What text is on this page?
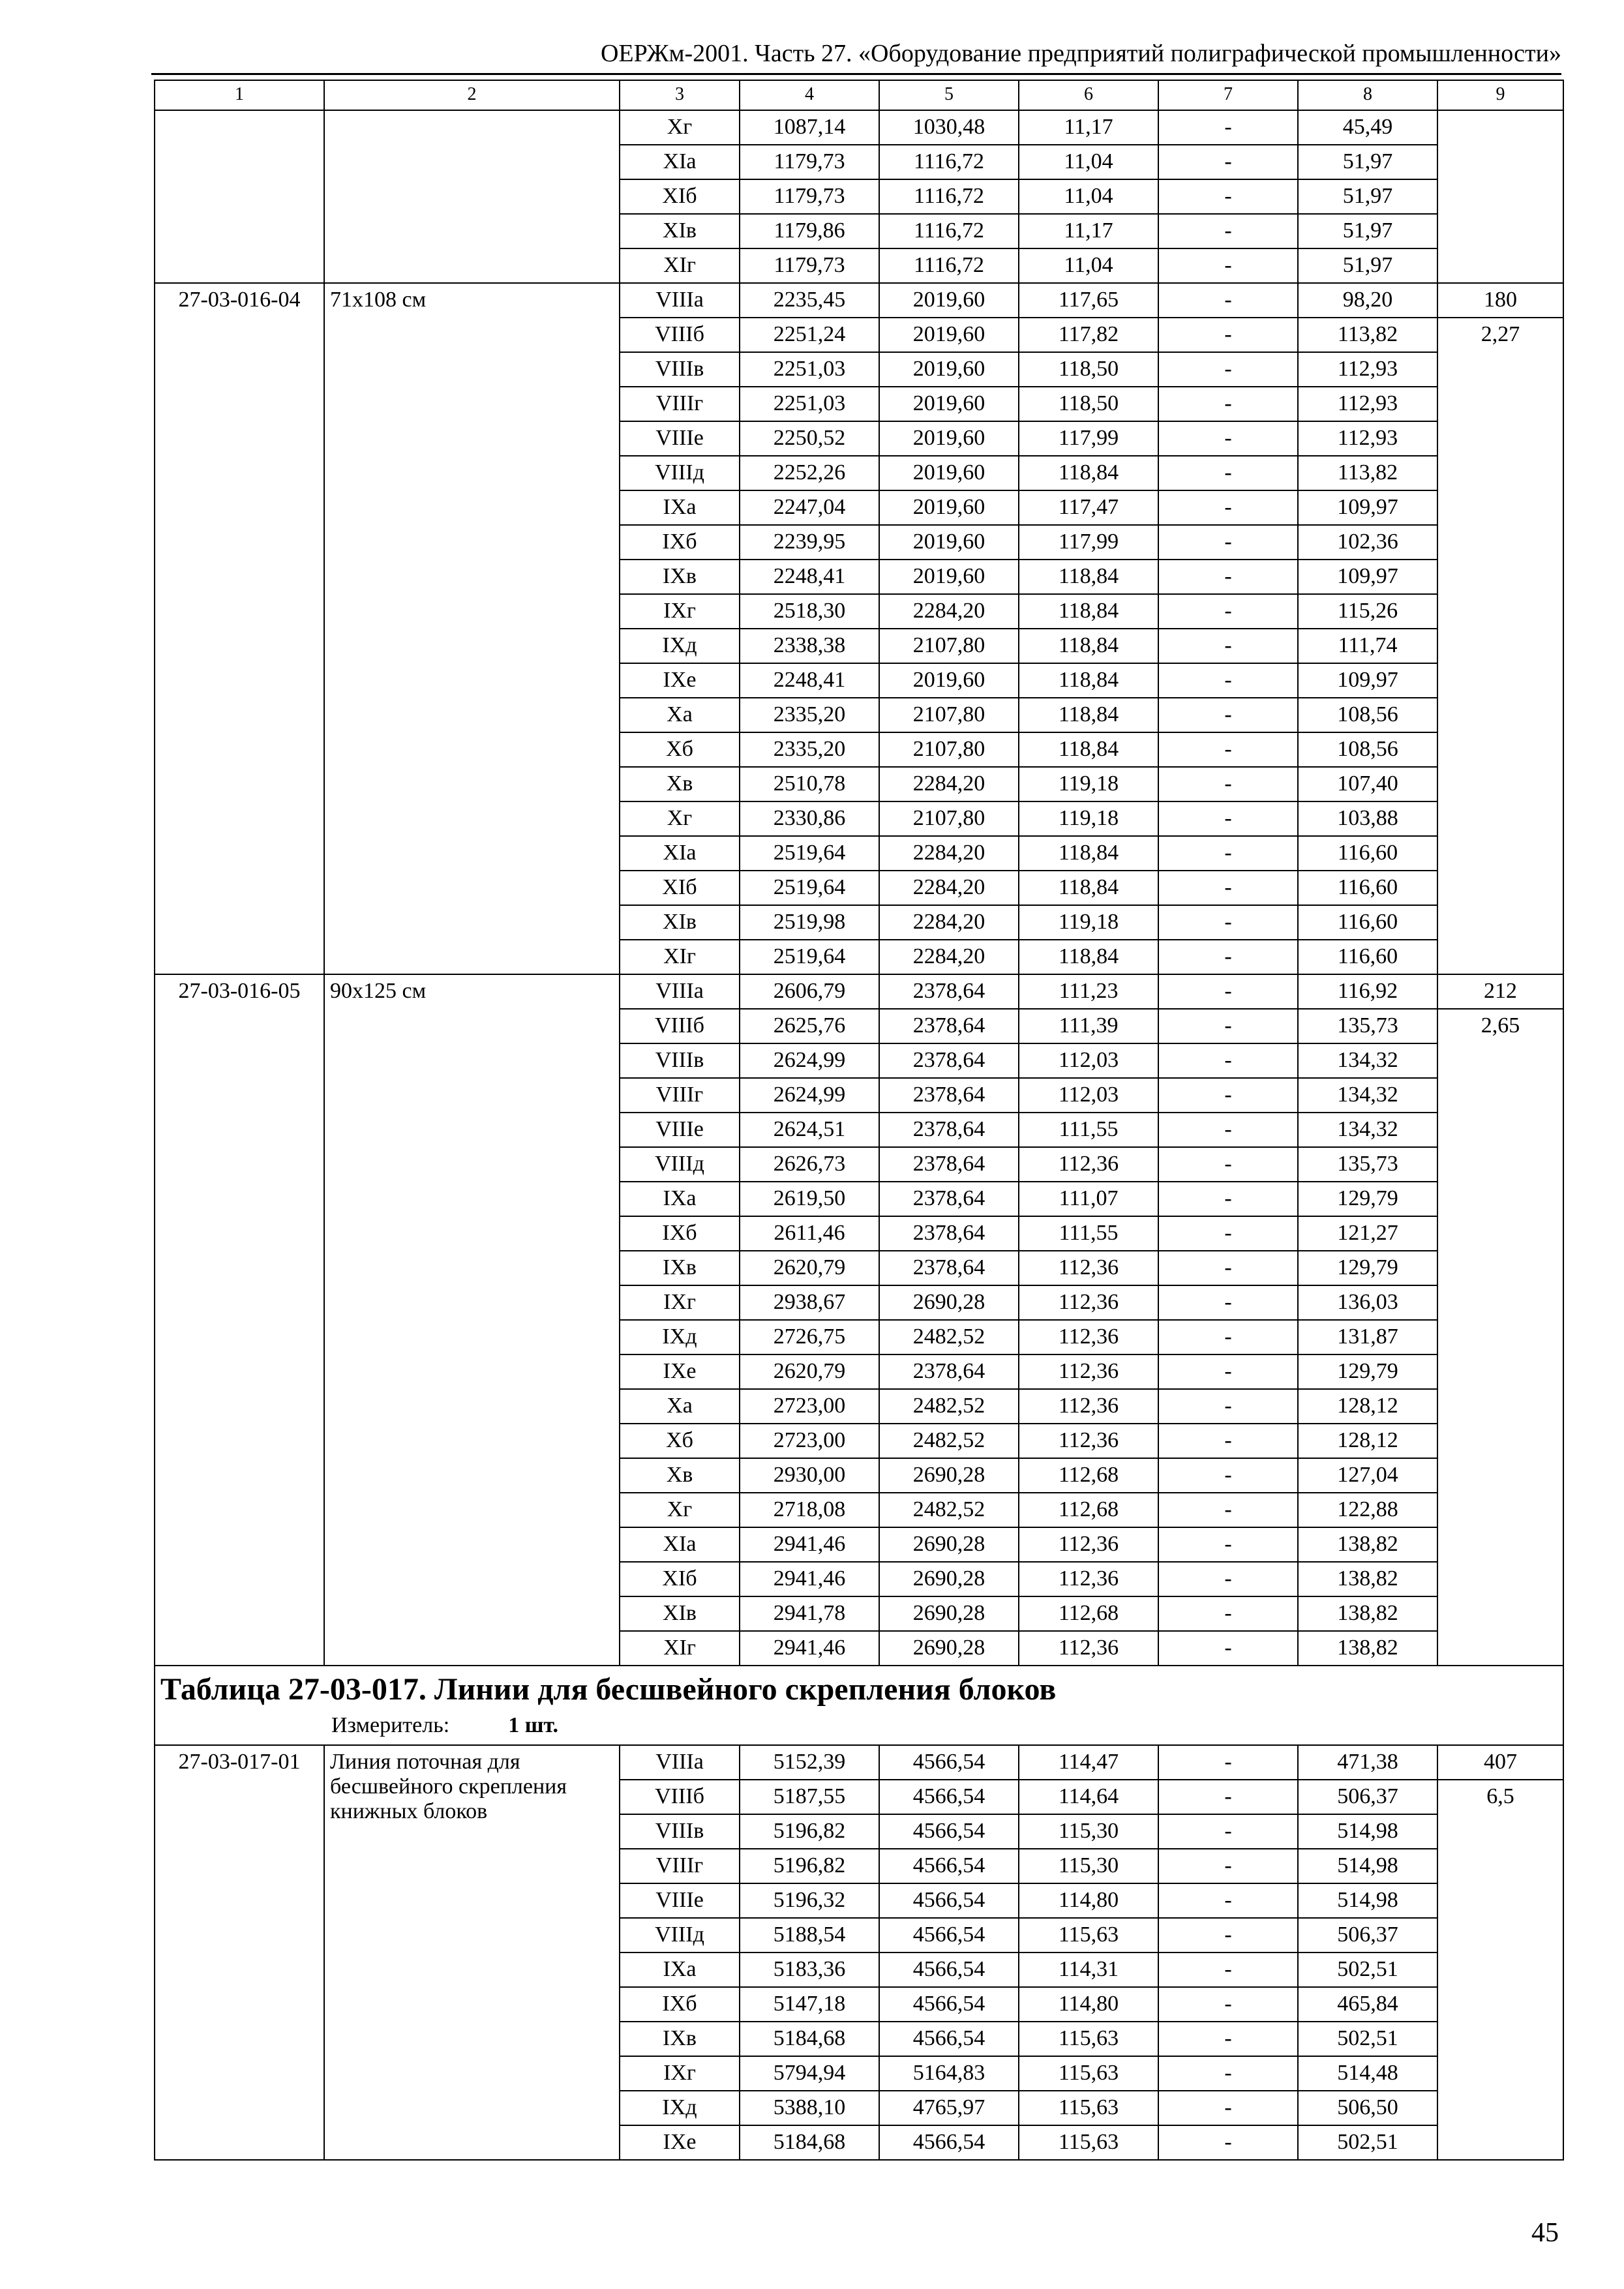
ОЕРЖм-2001. Часть 27. «Оборудование предприятий полиграфической промышленности»
1	2	3	4	5	6	7	8	9
		Xг	1087,14	1030,48	11,17	-	45,49	
		XIа	1179,73	1116,72	11,04	-	51,97	
		XIб	1179,73	1116,72	11,04	-	51,97	
		XIв	1179,86	1116,72	11,17	-	51,97	
		XIг	1179,73	1116,72	11,04	-	51,97	
27-03-016-04	71x108 см	VIIIа	2235,45	2019,60	117,65	-	98,20	180
		VIIIб	2251,24	2019,60	117,82	-	113,82	2,27
		VIIIв	2251,03	2019,60	118,50	-	112,93	
		VIIIг	2251,03	2019,60	118,50	-	112,93	
		VIIIе	2250,52	2019,60	117,99	-	112,93	
		VIIIд	2252,26	2019,60	118,84	-	113,82	
		IXа	2247,04	2019,60	117,47	-	109,97	
		IXб	2239,95	2019,60	117,99	-	102,36	
		IXв	2248,41	2019,60	118,84	-	109,97	
		IXг	2518,30	2284,20	118,84	-	115,26	
		IXд	2338,38	2107,80	118,84	-	111,74	
		IXе	2248,41	2019,60	118,84	-	109,97	
		Xа	2335,20	2107,80	118,84	-	108,56	
		Xб	2335,20	2107,80	118,84	-	108,56	
		Xв	2510,78	2284,20	119,18	-	107,40	
		Xг	2330,86	2107,80	119,18	-	103,88	
		XIа	2519,64	2284,20	118,84	-	116,60	
		XIб	2519,64	2284,20	118,84	-	116,60	
		XIв	2519,98	2284,20	119,18	-	116,60	
		XIг	2519,64	2284,20	118,84	-	116,60	
27-03-016-05	90x125 см	VIIIа	2606,79	2378,64	111,23	-	116,92	212
		VIIIб	2625,76	2378,64	111,39	-	135,73	2,65
		VIIIв	2624,99	2378,64	112,03	-	134,32	
		VIIIг	2624,99	2378,64	112,03	-	134,32	
		VIIIе	2624,51	2378,64	111,55	-	134,32	
		VIIIд	2626,73	2378,64	112,36	-	135,73	
		IXа	2619,50	2378,64	111,07	-	129,79	
		IXб	2611,46	2378,64	111,55	-	121,27	
		IXв	2620,79	2378,64	112,36	-	129,79	
		IXг	2938,67	2690,28	112,36	-	136,03	
		IXд	2726,75	2482,52	112,36	-	131,87	
		IXе	2620,79	2378,64	112,36	-	129,79	
		Xа	2723,00	2482,52	112,36	-	128,12	
		Xб	2723,00	2482,52	112,36	-	128,12	
		Xв	2930,00	2690,28	112,68	-	127,04	
		Xг	2718,08	2482,52	112,68	-	122,88	
		XIа	2941,46	2690,28	112,36	-	138,82	
		XIб	2941,46	2690,28	112,36	-	138,82	
		XIв	2941,78	2690,28	112,68	-	138,82	
		XIг	2941,46	2690,28	112,36	-	138,82	
Таблица 27-03-017. Линии для бесшвейного скрепления блоков								
Измеритель: 1 шт.								
27-03-017-01	Линия поточная для бесшвейного скрепления книжных блоков	VIIIа	5152,39	4566,54	114,47	-	471,38	407
		VIIIб	5187,55	4566,54	114,64	-	506,37	6,5
		VIIIв	5196,82	4566,54	115,30	-	514,98	
		VIIIг	5196,82	4566,54	115,30	-	514,98	
		VIIIе	5196,32	4566,54	114,80	-	514,98	
		VIIIд	5188,54	4566,54	115,63	-	506,37	
		IXа	5183,36	4566,54	114,31	-	502,51	
		IXб	5147,18	4566,54	114,80	-	465,84	
		IXв	5184,68	4566,54	115,63	-	502,51	
		IXг	5794,94	5164,83	115,63	-	514,48	
		IXд	5388,10	4765,97	115,63	-	506,50	
		IXе	5184,68	4566,54	115,63	-	502,51	
45
